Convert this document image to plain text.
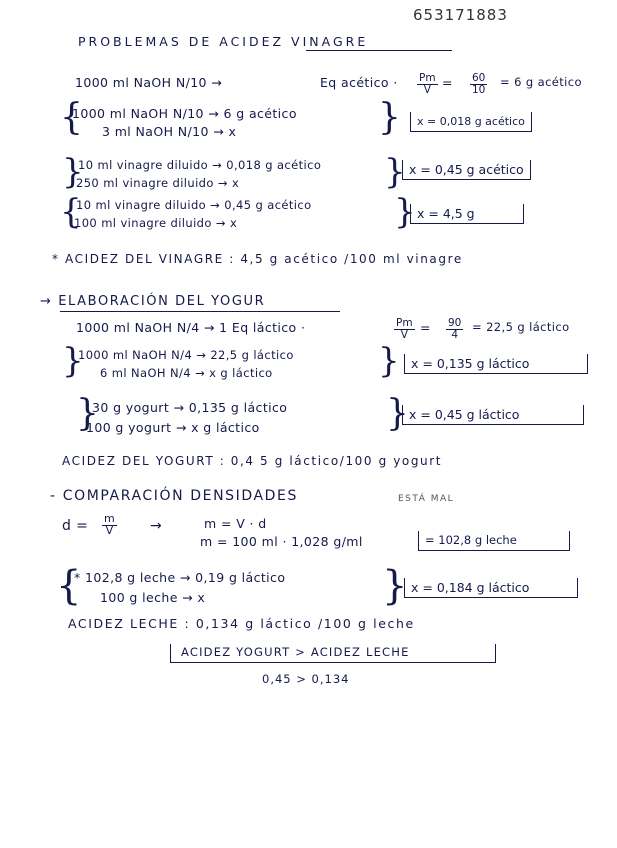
653171883
PROBLEMAS DE ACIDEZ VINAGRE
1000 ml NaOH N/10 →	Eq acético · $\frac{Pm}{V} = \frac{60}{10} = 6$ g acético
{
1000 ml NaOH N/10 → 6 g acético
3 ml NaOH N/10 → x	}	x = 0,018 g acético
}
10 ml vinagre diluido → 0,018 g acético
250 ml vinagre diluido → x	} x = 0,45 g acético
{
10 ml vinagre diluido → 0,45 g acético
100 ml vinagre diluido → x	} x = 4,5 g
* ACIDEZ DEL VINAGRE : 4,5 g acético /100 ml vinagre
→ ELABORACIÓN DEL YOGUR
1000 ml NaOH N/4 → 1 Eq láctico ·	$\frac{Pm}{V} = \frac{90}{4} = 22,5$ g láctico
}
1000 ml NaOH N/4 → 22,5 g láctico
6 ml NaOH N/4 → x g láctico	} x = 0,135 g láctico
}
30 g yogurt → 0,135 g láctico
100 g yogurt → x g láctico	} x = 0,45 g láctico
ACIDEZ DEL YOGURT : 0,4 5 g láctico/100 g yogurt
- COMPARACIÓN DENSIDADES	ESTÁ MAL
$d = \frac{m}{V}$ →	m = V · d
m = 100 ml · 1,028 g/ml	= 102,8 g leche
{
* 102,8 g leche → 0,19 g láctico
100 g leche → x	} x = 0,184 g láctico
ACIDEZ LECHE : 0,134 g láctico /100 g leche
ACIDEZ YOGURT > ACIDEZ LECHE
0,45 > 0,134
